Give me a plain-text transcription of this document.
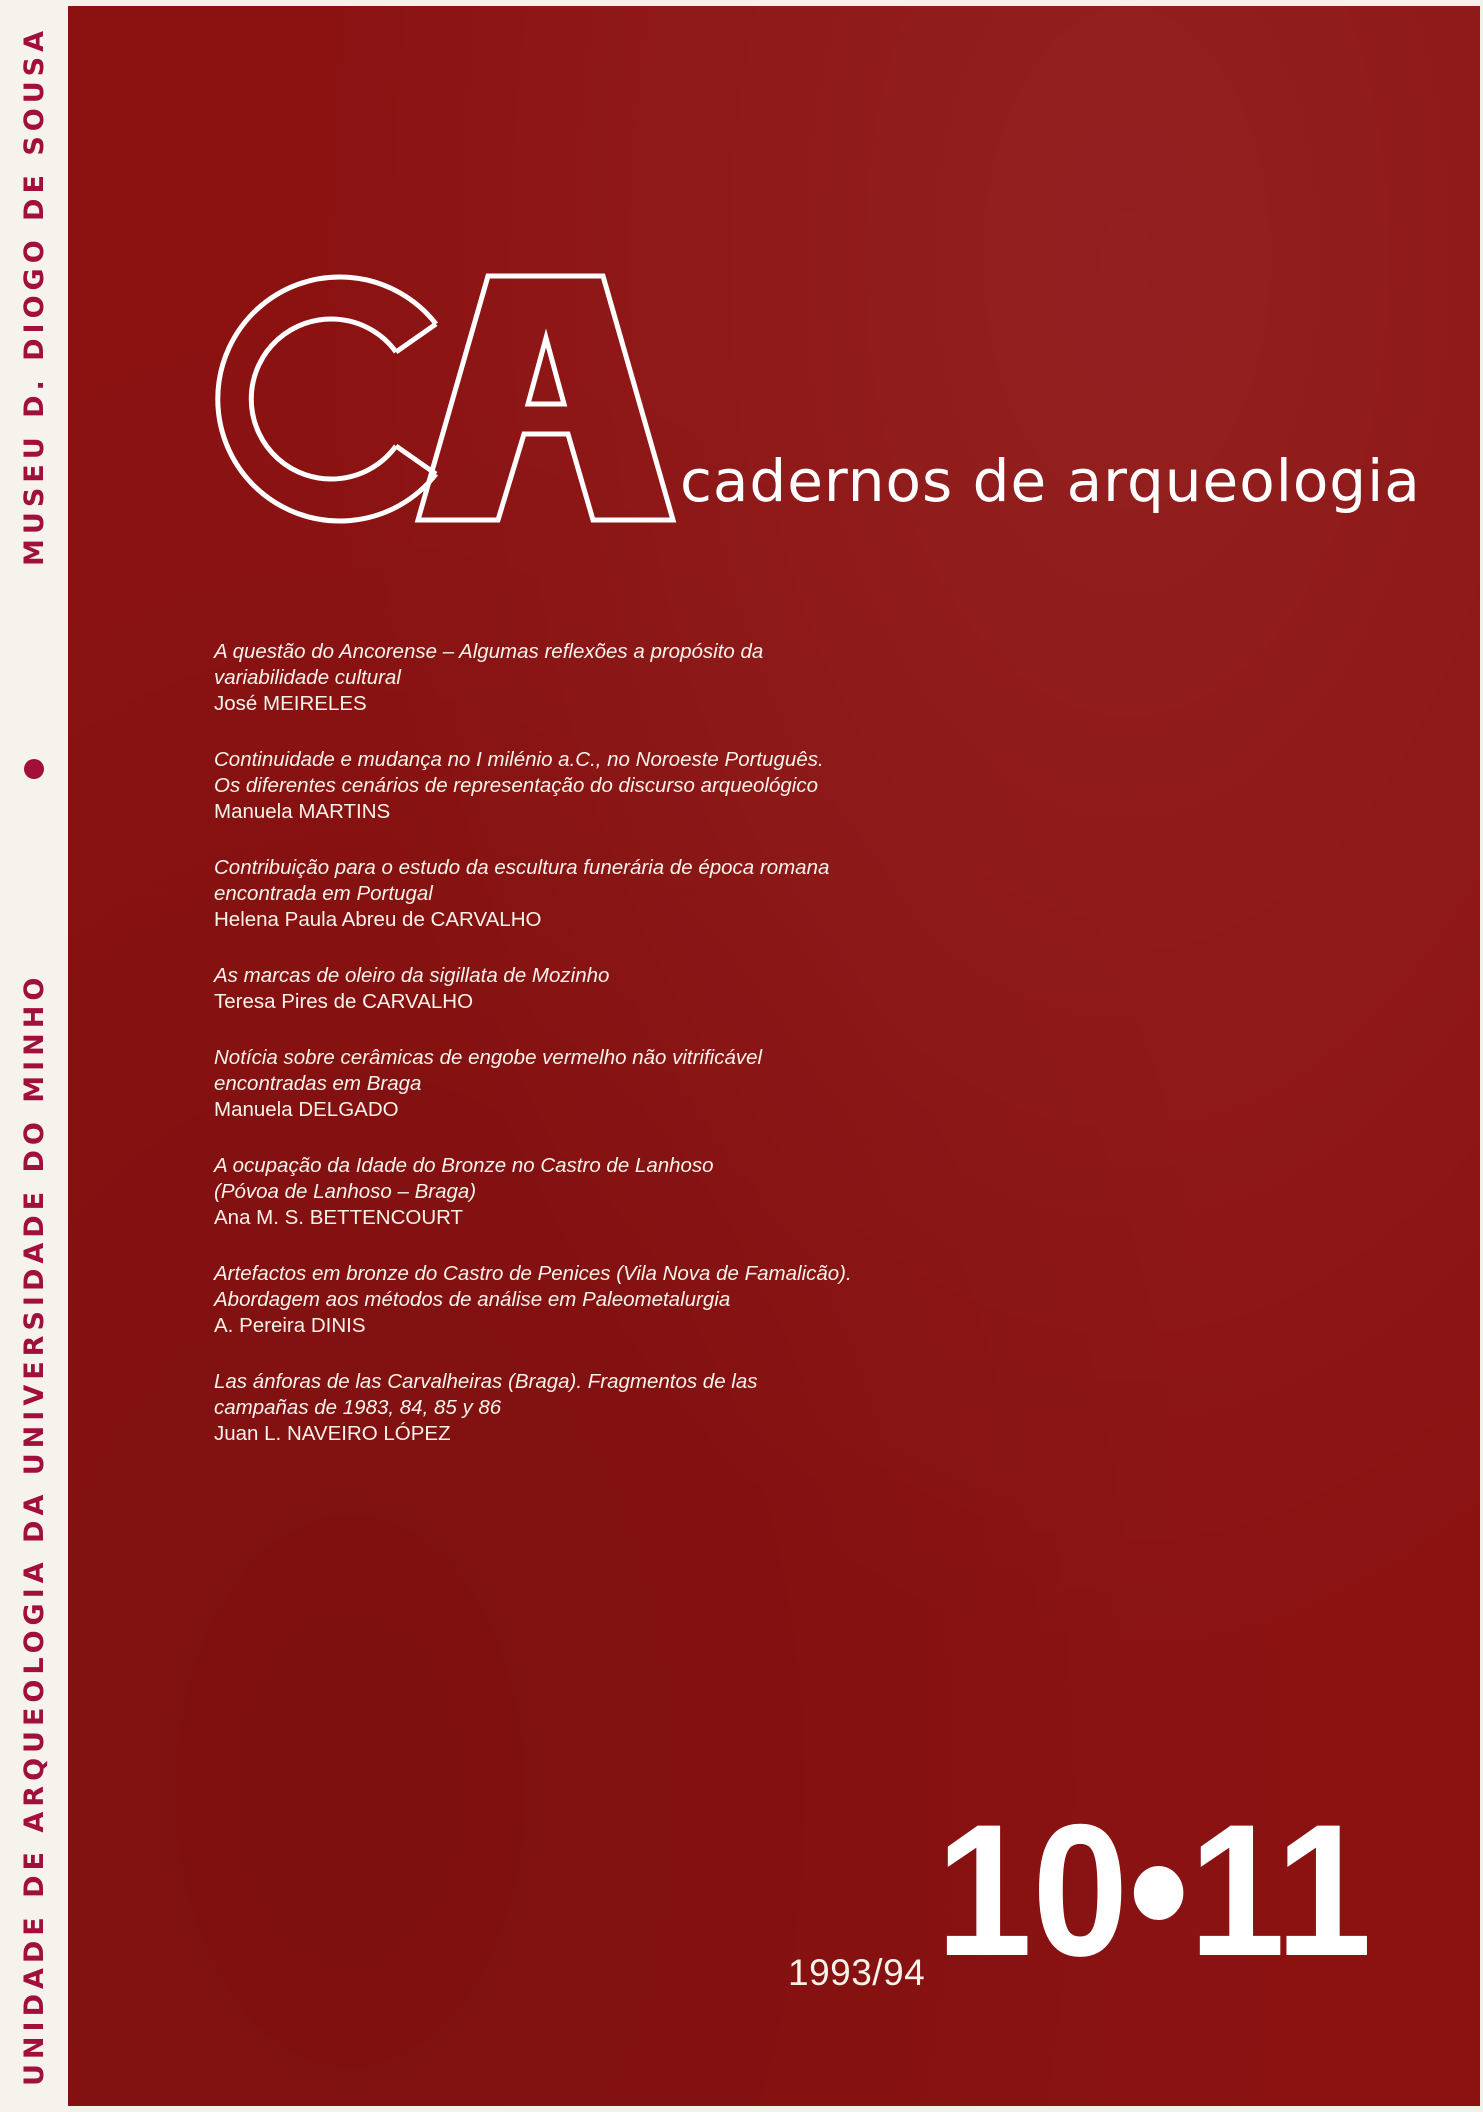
UNIDADE DE ARQUEOLOGIA DA UNIVERSIDADE DO MINHO
MUSEU D. DIOGO DE SOUSA	CA
cadernos de arqueologia
A questão do Ancorense – Algumas reflexões a propósito da
variabilidade cultural
José MEIRELES
Continuidade e mudança no I milénio a.C., no Noroeste Português.
Os diferentes cenários de representação do discurso arqueológico
Manuela MARTINS
Contribuição para o estudo da escultura funerária de época romana
encontrada em Portugal
Helena Paula Abreu de CARVALHO
As marcas de oleiro da sigillata de Mozinho
Teresa Pires de CARVALHO
Notícia sobre cerâmicas de engobe vermelho não vitrificável
encontradas em Braga
Manuela DELGADO
A ocupação da Idade do Bronze no Castro de Lanhoso
(Póvoa de Lanhoso – Braga)
Ana M. S. BETTENCOURT
Artefactos em bronze do Castro de Penices (Vila Nova de Famalicão).
Abordagem aos métodos de análise em Paleometalurgia
A. Pereira DINIS
Las ánforas de las Carvalheiras (Braga). Fragmentos de las
campañas de 1983, 84, 85 y 86
Juan L. NAVEIRO LÓPEZ
1993/94 10•11
